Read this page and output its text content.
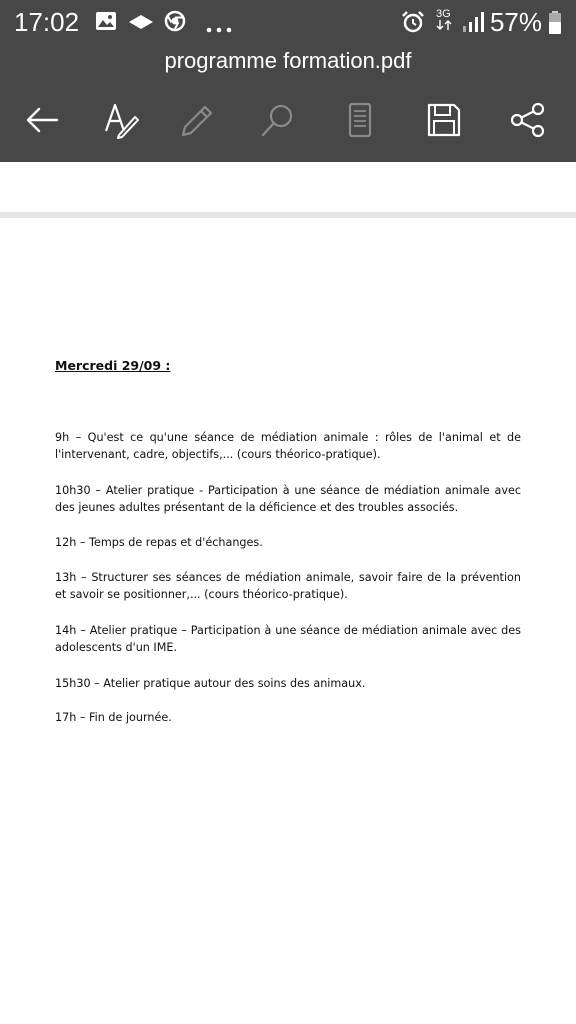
17:02	3G 57%
programme formation.pdf
Mercredi 29/09 :
9h – Qu'est ce qu'une séance de médiation animale : rôles de l'animal et de l'intervenant, cadre, objectifs,... (cours théorico-pratique).
10h30 – Atelier pratique - Participation à une séance de médiation animale avec des jeunes adultes présentant de la déficience et des troubles associés.
12h – Temps de repas et d'échanges.
13h – Structurer ses séances de médiation animale, savoir faire de la prévention et savoir se positionner,... (cours théorico-pratique).
14h – Atelier pratique – Participation à une séance de médiation animale avec des adolescents d'un IME.
15h30 – Atelier pratique autour des soins des animaux.
17h – Fin de journée.
